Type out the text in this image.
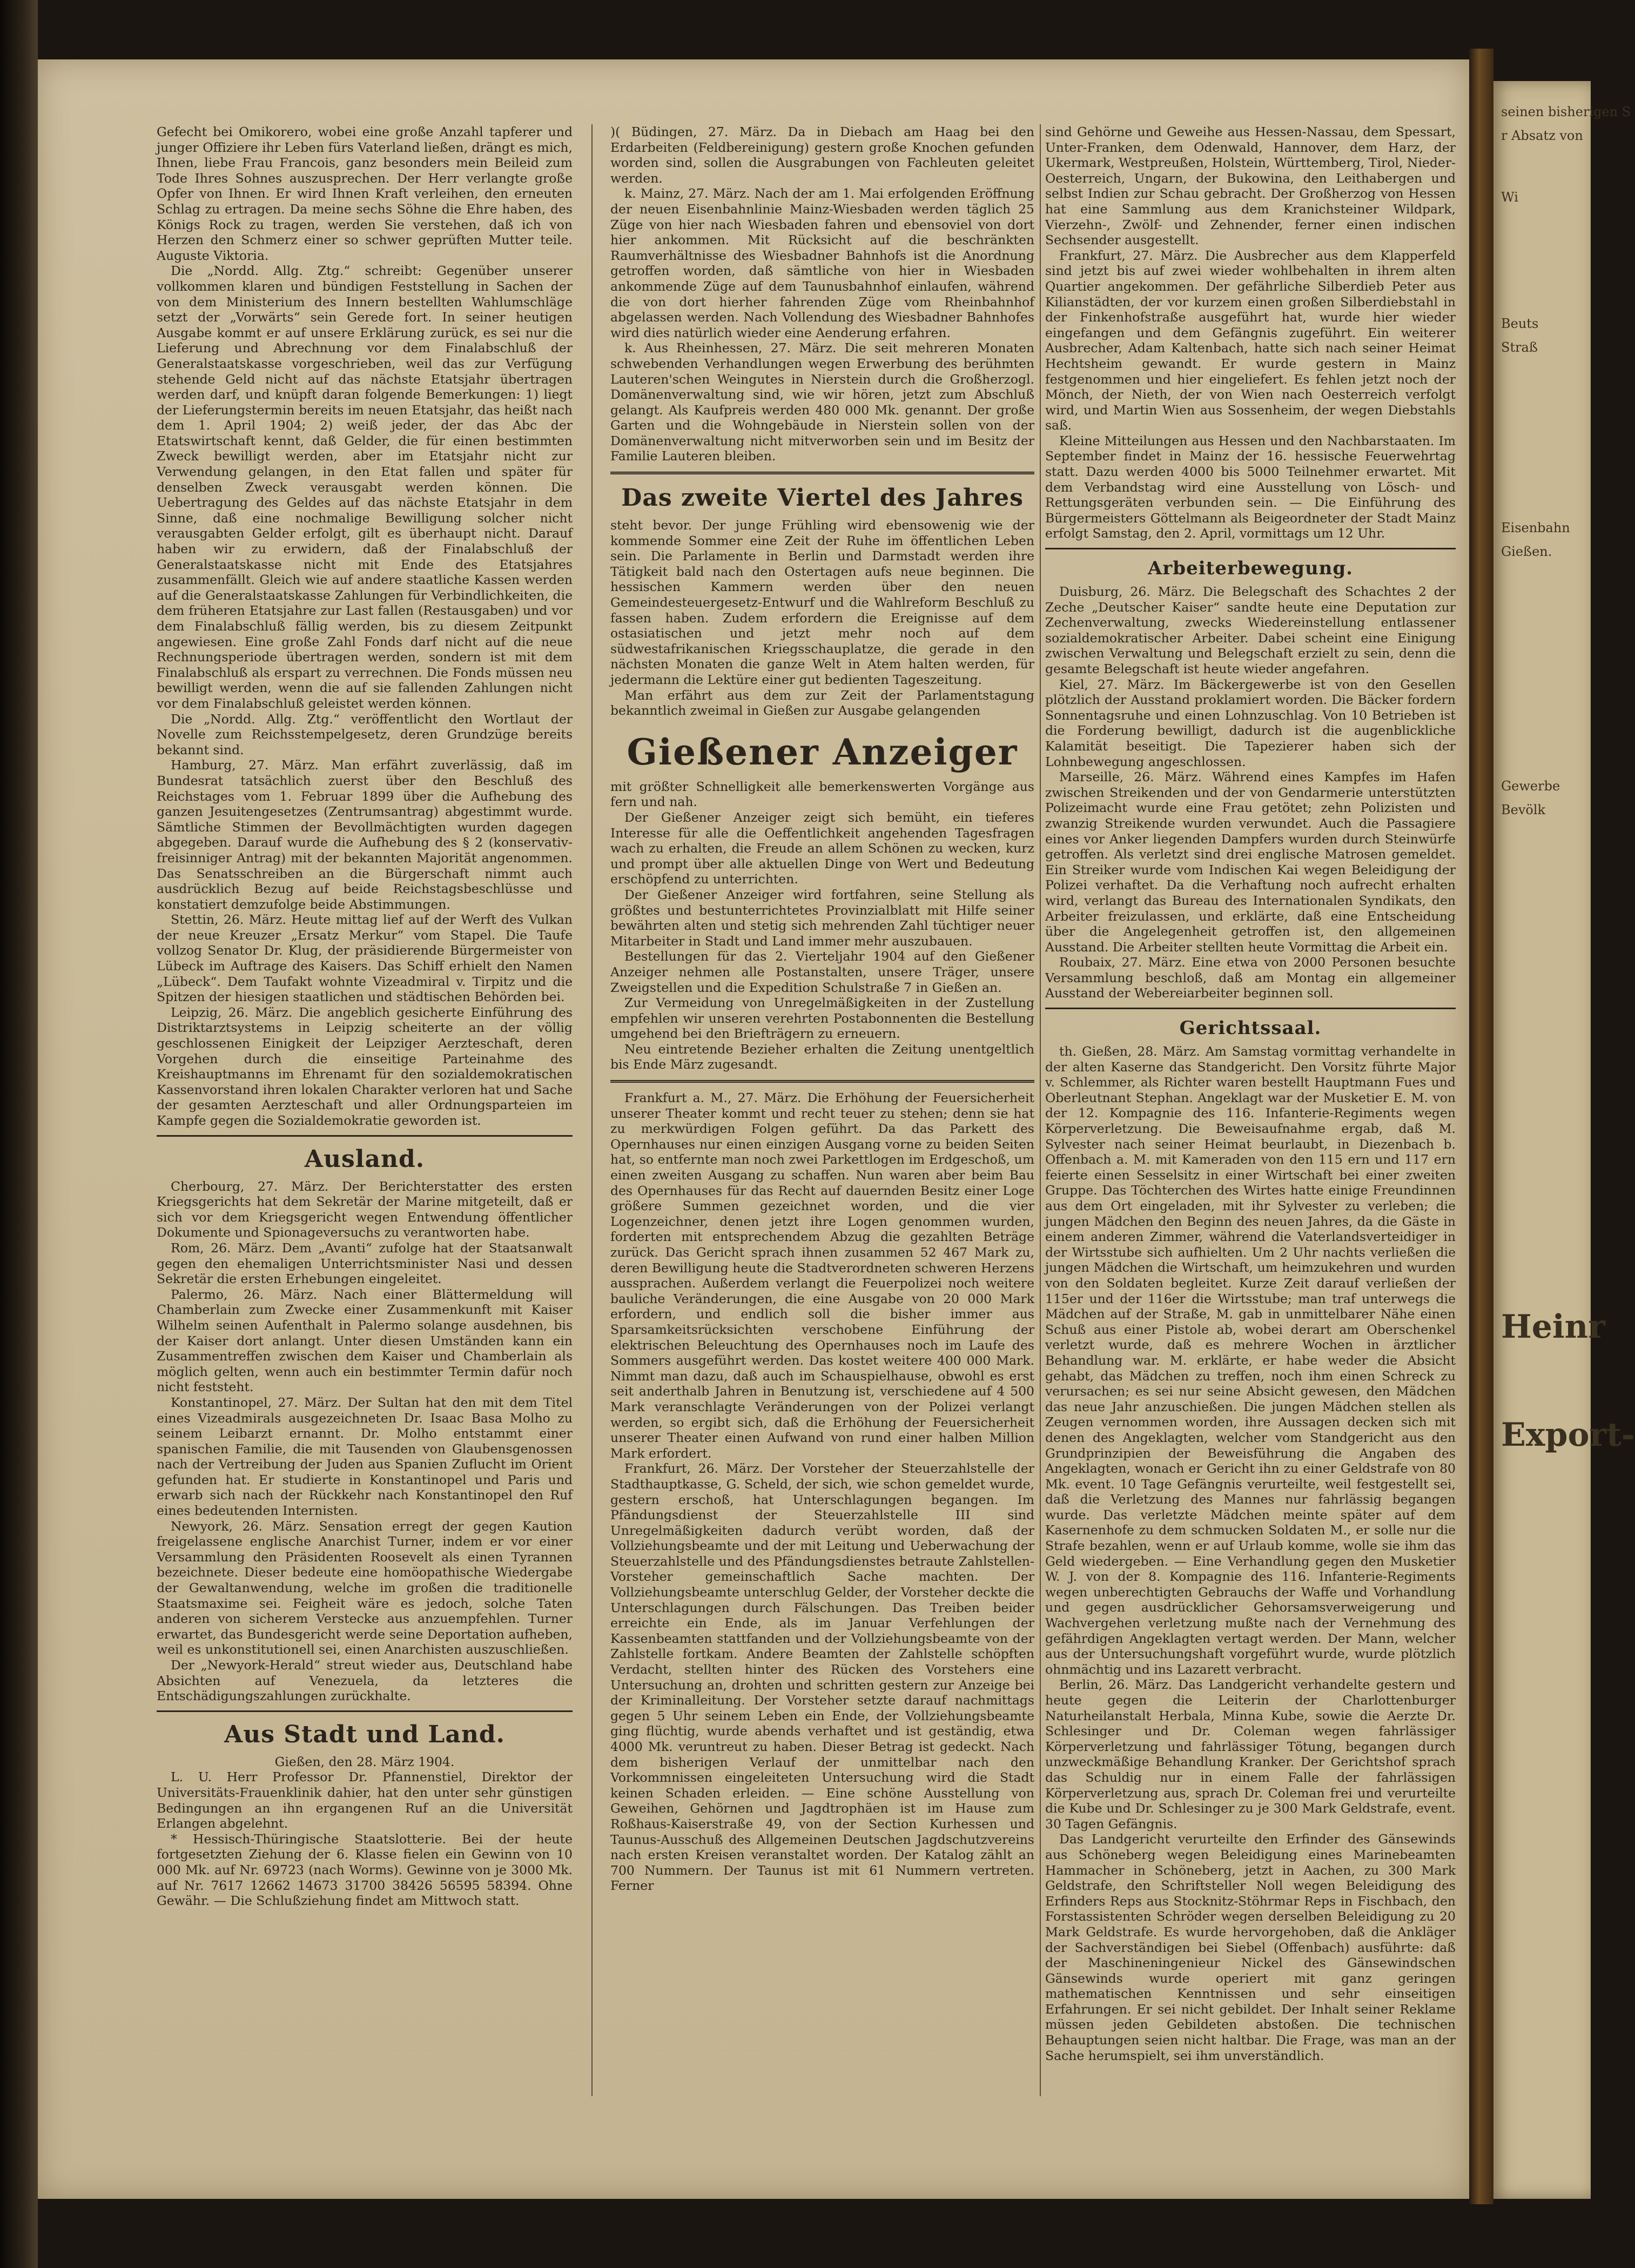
Gefecht bei Omikorero, wobei eine große Anzahl tapferer und junger Offiziere ihr Leben fürs Vaterland ließen, drängt es mich, Ihnen, liebe Frau Francois, ganz besonders mein Beileid zum Tode Ihres Sohnes auszusprechen. Der Herr verlangte große Opfer von Ihnen. Er wird Ihnen Kraft verleihen, den erneuten Schlag zu ertragen. Da meine sechs Söhne die Ehre haben, des Königs Rock zu tragen, werden Sie verstehen, daß ich von Herzen den Schmerz einer so schwer geprüften Mutter teile. Auguste Viktoria.

Die „Nordd. Allg. Ztg.“ schreibt: Gegenüber unserer vollkommen klaren und bündigen Feststellung in Sachen der von dem Ministerium des Innern bestellten Wahlumschläge setzt der „Vorwärts“ sein Gerede fort. In seiner heutigen Ausgabe kommt er auf unsere Erklärung zurück, es sei nur die Lieferung und Abrechnung vor dem Finalabschluß der Generalstaatskasse vorgeschrieben, weil das zur Verfügung stehende Geld nicht auf das nächste Etatsjahr übertragen werden darf, und knüpft daran folgende Bemerkungen: 1) liegt der Lieferungstermin bereits im neuen Etatsjahr, das heißt nach dem 1. April 1904; 2) weiß jeder, der das Abc der Etatswirtschaft kennt, daß Gelder, die für einen bestimmten Zweck bewilligt werden, aber im Etatsjahr nicht zur Verwendung gelangen, in den Etat fallen und später für denselben Zweck verausgabt werden können. Die Uebertragung des Geldes auf das nächste Etatsjahr in dem Sinne, daß eine nochmalige Bewilligung solcher nicht verausgabten Gelder erfolgt, gilt es überhaupt nicht. Darauf haben wir zu erwidern, daß der Finalabschluß der Generalstaatskasse nicht mit Ende des Etatsjahres zusammenfällt. Gleich wie auf andere staatliche Kassen werden auf die Generalstaatskasse Zahlungen für Verbindlichkeiten, die dem früheren Etatsjahre zur Last fallen (Restausgaben) und vor dem Finalabschluß fällig werden, bis zu diesem Zeitpunkt angewiesen. Eine große Zahl Fonds darf nicht auf die neue Rechnungsperiode übertragen werden, sondern ist mit dem Finalabschluß als erspart zu verrechnen. Die Fonds müssen neu bewilligt werden, wenn die auf sie fallenden Zahlungen nicht vor dem Finalabschluß geleistet werden können.

Die „Nordd. Allg. Ztg.“ veröffentlicht den Wortlaut der Novelle zum Reichsstempelgesetz, deren Grundzüge bereits bekannt sind.

Hamburg, 27. März. Man erfährt zuverlässig, daß im Bundesrat tatsächlich zuerst über den Beschluß des Reichstages vom 1. Februar 1899 über die Aufhebung des ganzen Jesuitengesetzes (Zentrumsantrag) abgestimmt wurde. Sämtliche Stimmen der Bevollmächtigten wurden dagegen abgegeben. Darauf wurde die Aufhebung des § 2 (konservativ-freisinniger Antrag) mit der bekannten Majorität angenommen. Das Senatsschreiben an die Bürgerschaft nimmt auch ausdrücklich Bezug auf beide Reichstagsbeschlüsse und konstatiert demzufolge beide Abstimmungen.

Stettin, 26. März. Heute mittag lief auf der Werft des Vulkan der neue Kreuzer „Ersatz Merkur“ vom Stapel. Die Taufe vollzog Senator Dr. Klug, der präsidierende Bürgermeister von Lübeck im Auftrage des Kaisers. Das Schiff erhielt den Namen „Lübeck“. Dem Taufakt wohnte Vizeadmiral v. Tirpitz und die Spitzen der hiesigen staatlichen und städtischen Behörden bei.

Leipzig, 26. März. Die angeblich gesicherte Einführung des Distriktarztsystems in Leipzig scheiterte an der völlig geschlossenen Einigkeit der Leipziger Aerzteschaft, deren Vorgehen durch die einseitige Parteinahme des Kreishauptmanns im Ehrenamt für den sozialdemokratischen Kassenvorstand ihren lokalen Charakter verloren hat und Sache der gesamten Aerzteschaft und aller Ordnungsparteien im Kampfe gegen die Sozialdemokratie geworden ist.

Ausland.

Cherbourg, 27. März. Der Berichterstatter des ersten Kriegsgerichts hat dem Sekretär der Marine mitgeteilt, daß er sich vor dem Kriegsgericht wegen Entwendung öffentlicher Dokumente und Spionageversuchs zu verantworten habe.

Rom, 26. März. Dem „Avanti“ zufolge hat der Staatsanwalt gegen den ehemaligen Unterrichtsminister Nasi und dessen Sekretär die ersten Erhebungen eingeleitet.

Palermo, 26. März. Nach einer Blättermeldung will Chamberlain zum Zwecke einer Zusammenkunft mit Kaiser Wilhelm seinen Aufenthalt in Palermo solange ausdehnen, bis der Kaiser dort anlangt. Unter diesen Umständen kann ein Zusammentreffen zwischen dem Kaiser und Chamberlain als möglich gelten, wenn auch ein bestimmter Termin dafür noch nicht feststeht.

Konstantinopel, 27. März. Der Sultan hat den mit dem Titel eines Vizeadmirals ausgezeichneten Dr. Isaac Basa Molho zu seinem Leibarzt ernannt. Dr. Molho entstammt einer spanischen Familie, die mit Tausenden von Glaubensgenossen nach der Vertreibung der Juden aus Spanien Zuflucht im Orient gefunden hat. Er studierte in Konstantinopel und Paris und erwarb sich nach der Rückkehr nach Konstantinopel den Ruf eines bedeutenden Internisten.

Newyork, 26. März. Sensation erregt der gegen Kaution freigelassene englische Anarchist Turner, indem er vor einer Versammlung den Präsidenten Roosevelt als einen Tyrannen bezeichnete. Dieser bedeute eine homöopathische Wiedergabe der Gewaltanwendung, welche im großen die traditionelle Staatsmaxime sei. Feigheit wäre es jedoch, solche Taten anderen von sicherem Verstecke aus anzuempfehlen. Turner erwartet, das Bundesgericht werde seine Deportation aufheben, weil es unkonstitutionell sei, einen Anarchisten auszuschließen.

Der „Newyork-Herald“ streut wieder aus, Deutschland habe Absichten auf Venezuela, da letzteres die Entschädigungszahlungen zurückhalte.

Aus Stadt und Land.

Gießen, den 28. März 1904.

L. U. Herr Professor Dr. Pfannenstiel, Direktor der Universitäts-Frauenklinik dahier, hat den unter sehr günstigen Bedingungen an ihn ergangenen Ruf an die Universität Erlangen abgelehnt.

* Hessisch-Thüringische Staatslotterie. Bei der heute fortgesetzten Ziehung der 6. Klasse fielen ein Gewinn von 10 000 Mk. auf Nr. 69723 (nach Worms). Gewinne von je 3000 Mk. auf Nr. 7617 12662 14673 31700 38426 56595 58394. Ohne Gewähr. — Die Schlußziehung findet am Mittwoch statt.

)( Büdingen, 27. März. Da in Diebach am Haag bei den Erdarbeiten (Feldbereinigung) gestern große Knochen gefunden worden sind, sollen die Ausgrabungen von Fachleuten geleitet werden.

k. Mainz, 27. März. Nach der am 1. Mai erfolgenden Eröffnung der neuen Eisenbahnlinie Mainz-Wiesbaden werden täglich 25 Züge von hier nach Wiesbaden fahren und ebensoviel von dort hier ankommen. Mit Rücksicht auf die beschränkten Raumverhältnisse des Wiesbadner Bahnhofs ist die Anordnung getroffen worden, daß sämtliche von hier in Wiesbaden ankommende Züge auf dem Taunusbahnhof einlaufen, während die von dort hierher fahrenden Züge vom Rheinbahnhof abgelassen werden. Nach Vollendung des Wiesbadner Bahnhofes wird dies natürlich wieder eine Aenderung erfahren.

k. Aus Rheinhessen, 27. März. Die seit mehreren Monaten schwebenden Verhandlungen wegen Erwerbung des berühmten Lauteren'schen Weingutes in Nierstein durch die Großherzogl. Domänenverwaltung sind, wie wir hören, jetzt zum Abschluß gelangt. Als Kaufpreis werden 480 000 Mk. genannt. Der große Garten und die Wohngebäude in Nierstein sollen von der Domänenverwaltung nicht mitverworben sein und im Besitz der Familie Lauteren bleiben.

Das zweite Viertel des Jahres

steht bevor. Der junge Frühling wird ebensowenig wie der kommende Sommer eine Zeit der Ruhe im öffentlichen Leben sein. Die Parlamente in Berlin und Darmstadt werden ihre Tätigkeit bald nach den Ostertagen aufs neue beginnen. Die hessischen Kammern werden über den neuen Gemeindesteuergesetz-Entwurf und die Wahlreform Beschluß zu fassen haben. Zudem erfordern die Ereignisse auf dem ostasiatischen und jetzt mehr noch auf dem südwestafrikanischen Kriegsschauplatze, die gerade in den nächsten Monaten die ganze Welt in Atem halten werden, für jedermann die Lektüre einer gut bedienten Tageszeitung.

Man erfährt aus dem zur Zeit der Parlamentstagung bekanntlich zweimal in Gießen zur Ausgabe gelangenden

Gießener Anzeiger

mit größter Schnelligkeit alle bemerkenswerten Vorgänge aus fern und nah.

Der Gießener Anzeiger zeigt sich bemüht, ein tieferes Interesse für alle die Oeffentlichkeit angehenden Tagesfragen wach zu erhalten, die Freude an allem Schönen zu wecken, kurz und prompt über alle aktuellen Dinge von Wert und Bedeutung erschöpfend zu unterrichten.

Der Gießener Anzeiger wird fortfahren, seine Stellung als größtes und bestunterrichtetes Provinzialblatt mit Hilfe seiner bewährten alten und stetig sich mehrenden Zahl tüchtiger neuer Mitarbeiter in Stadt und Land immer mehr auszubauen.

Bestellungen für das 2. Vierteljahr 1904 auf den Gießener Anzeiger nehmen alle Postanstalten, unsere Träger, unsere Zweigstellen und die Expedition Schulstraße 7 in Gießen an.

Zur Vermeidung von Unregelmäßigkeiten in der Zustellung empfehlen wir unseren verehrten Postabonnenten die Bestellung umgehend bei den Briefträgern zu erneuern.

Neu eintretende Bezieher erhalten die Zeitung unentgeltlich bis Ende März zugesandt.

Frankfurt a. M., 27. März. Die Erhöhung der Feuersicherheit unserer Theater kommt und recht teuer zu stehen; denn sie hat zu merkwürdigen Folgen geführt. Da das Parkett des Opernhauses nur einen einzigen Ausgang vorne zu beiden Seiten hat, so entfernte man noch zwei Parkettlogen im Erdgeschoß, um einen zweiten Ausgang zu schaffen. Nun waren aber beim Bau des Opernhauses für das Recht auf dauernden Besitz einer Loge größere Summen gezeichnet worden, und die vier Logenzeichner, denen jetzt ihre Logen genommen wurden, forderten mit entsprechendem Abzug die gezahlten Beträge zurück. Das Gericht sprach ihnen zusammen 52 467 Mark zu, deren Bewilligung heute die Stadtverordneten schweren Herzens aussprachen. Außerdem verlangt die Feuerpolizei noch weitere bauliche Veränderungen, die eine Ausgabe von 20 000 Mark erfordern, und endlich soll die bisher immer aus Sparsamkeitsrücksichten verschobene Einführung der elektrischen Beleuchtung des Opernhauses noch im Laufe des Sommers ausgeführt werden. Das kostet weitere 400 000 Mark. Nimmt man dazu, daß auch im Schauspielhause, obwohl es erst seit anderthalb Jahren in Benutzung ist, verschiedene auf 4 500 Mark veranschlagte Veränderungen von der Polizei verlangt werden, so ergibt sich, daß die Erhöhung der Feuersicherheit unserer Theater einen Aufwand von rund einer halben Million Mark erfordert.

Frankfurt, 26. März. Der Vorsteher der Steuerzahlstelle der Stadthauptkasse, G. Scheld, der sich, wie schon gemeldet wurde, gestern erschoß, hat Unterschlagungen begangen. Im Pfändungsdienst der Steuerzahlstelle III sind Unregelmäßigkeiten dadurch verübt worden, daß der Vollziehungsbeamte und der mit Leitung und Ueberwachung der Steuerzahlstelle und des Pfändungsdienstes betraute Zahlstellen-Vorsteher gemeinschaftlich Sache machten. Der Vollziehungsbeamte unterschlug Gelder, der Vorsteher deckte die Unterschlagungen durch Fälschungen. Das Treiben beider erreichte ein Ende, als im Januar Verfehlungen der Kassenbeamten stattfanden und der Vollziehungsbeamte von der Zahlstelle fortkam. Andere Beamten der Zahlstelle schöpften Verdacht, stellten hinter des Rücken des Vorstehers eine Untersuchung an, drohten und schritten gestern zur Anzeige bei der Kriminalleitung. Der Vorsteher setzte darauf nachmittags gegen 5 Uhr seinem Leben ein Ende, der Vollziehungsbeamte ging flüchtig, wurde abends verhaftet und ist geständig, etwa 4000 Mk. veruntreut zu haben. Dieser Betrag ist gedeckt. Nach dem bisherigen Verlauf der unmittelbar nach den Vorkommnissen eingeleiteten Untersuchung wird die Stadt keinen Schaden erleiden. — Eine schöne Ausstellung von Geweihen, Gehörnen und Jagdtrophäen ist im Hause zum Roßhaus-Kaiserstraße 49, von der Section Kurhessen und Taunus-Ausschuß des Allgemeinen Deutschen Jagdschutzvereins nach ersten Kreisen veranstaltet worden. Der Katalog zählt an 700 Nummern. Der Taunus ist mit 61 Nummern vertreten. Ferner

sind Gehörne und Geweihe aus Hessen-Nassau, dem Spessart, Unter-Franken, dem Odenwald, Hannover, dem Harz, der Ukermark, Westpreußen, Holstein, Württemberg, Tirol, Nieder-Oesterreich, Ungarn, der Bukowina, den Leithabergen und selbst Indien zur Schau gebracht. Der Großherzog von Hessen hat eine Sammlung aus dem Kranichsteiner Wildpark, Vierzehn-, Zwölf- und Zehnender, ferner einen indischen Sechsender ausgestellt.

Frankfurt, 27. März. Die Ausbrecher aus dem Klapperfeld sind jetzt bis auf zwei wieder wohlbehalten in ihrem alten Quartier angekommen. Der gefährliche Silberdieb Peter aus Kilianstädten, der vor kurzem einen großen Silberdiebstahl in der Finkenhofstraße ausgeführt hat, wurde hier wieder eingefangen und dem Gefängnis zugeführt. Ein weiterer Ausbrecher, Adam Kaltenbach, hatte sich nach seiner Heimat Hechtsheim gewandt. Er wurde gestern in Mainz festgenommen und hier eingeliefert. Es fehlen jetzt noch der Mönch, der Nieth, der von Wien nach Oesterreich verfolgt wird, und Martin Wien aus Sossenheim, der wegen Diebstahls saß.

Kleine Mitteilungen aus Hessen und den Nachbarstaaten. Im September findet in Mainz der 16. hessische Feuerwehrtag statt. Dazu werden 4000 bis 5000 Teilnehmer erwartet. Mit dem Verbandstag wird eine Ausstellung von Lösch- und Rettungsgeräten verbunden sein. — Die Einführung des Bürgermeisters Göttelmann als Beigeordneter der Stadt Mainz erfolgt Samstag, den 2. April, vormittags um 12 Uhr.

Arbeiterbewegung.

Duisburg, 26. März. Die Belegschaft des Schachtes 2 der Zeche „Deutscher Kaiser“ sandte heute eine Deputation zur Zechenverwaltung, zwecks Wiedereinstellung entlassener sozialdemokratischer Arbeiter. Dabei scheint eine Einigung zwischen Verwaltung und Belegschaft erzielt zu sein, denn die gesamte Belegschaft ist heute wieder angefahren.

Kiel, 27. März. Im Bäckergewerbe ist von den Gesellen plötzlich der Ausstand proklamiert worden. Die Bäcker fordern Sonnentagsruhe und einen Lohnzuschlag. Von 10 Betrieben ist die Forderung bewilligt, dadurch ist die augenblickliche Kalamität beseitigt. Die Tapezierer haben sich der Lohnbewegung angeschlossen.

Marseille, 26. März. Während eines Kampfes im Hafen zwischen Streikenden und der von Gendarmerie unterstützten Polizeimacht wurde eine Frau getötet; zehn Polizisten und zwanzig Streikende wurden verwundet. Auch die Passagiere eines vor Anker liegenden Dampfers wurden durch Steinwürfe getroffen. Als verletzt sind drei englische Matrosen gemeldet. Ein Streiker wurde vom Indischen Kai wegen Beleidigung der Polizei verhaftet. Da die Verhaftung noch aufrecht erhalten wird, verlangt das Bureau des Internationalen Syndikats, den Arbeiter freizulassen, und erklärte, daß eine Entscheidung über die Angelegenheit getroffen ist, den allgemeinen Ausstand. Die Arbeiter stellten heute Vormittag die Arbeit ein.

Roubaix, 27. März. Eine etwa von 2000 Personen besuchte Versammlung beschloß, daß am Montag ein allgemeiner Ausstand der Webereiarbeiter beginnen soll.

Gerichtssaal.

th. Gießen, 28. März. Am Samstag vormittag verhandelte in der alten Kaserne das Standgericht. Den Vorsitz führte Major v. Schlemmer, als Richter waren bestellt Hauptmann Fues und Oberleutnant Stephan. Angeklagt war der Musketier E. M. von der 12. Kompagnie des 116. Infanterie-Regiments wegen Körperverletzung. Die Beweisaufnahme ergab, daß M. Sylvester nach seiner Heimat beurlaubt, in Diezenbach b. Offenbach a. M. mit Kameraden von den 115 ern und 117 ern feierte einen Sesselsitz in einer Wirtschaft bei einer zweiten Gruppe. Das Töchterchen des Wirtes hatte einige Freundinnen aus dem Ort eingeladen, mit ihr Sylvester zu verleben; die jungen Mädchen den Beginn des neuen Jahres, da die Gäste in einem anderen Zimmer, während die Vaterlandsverteidiger in der Wirtsstube sich aufhielten. Um 2 Uhr nachts verließen die jungen Mädchen die Wirtschaft, um heimzukehren und wurden von den Soldaten begleitet. Kurze Zeit darauf verließen der 115er und der 116er die Wirtsstube; man traf unterwegs die Mädchen auf der Straße, M. gab in unmittelbarer Nähe einen Schuß aus einer Pistole ab, wobei derart am Oberschenkel verletzt wurde, daß es mehrere Wochen in ärztlicher Behandlung war. M. erklärte, er habe weder die Absicht gehabt, das Mädchen zu treffen, noch ihm einen Schreck zu verursachen; es sei nur seine Absicht gewesen, den Mädchen das neue Jahr anzuschießen. Die jungen Mädchen stellen als Zeugen vernommen worden, ihre Aussagen decken sich mit denen des Angeklagten, welcher vom Standgericht aus den Grundprinzipien der Beweisführung die Angaben des Angeklagten, wonach er Gericht ihn zu einer Geldstrafe von 80 Mk. event. 10 Tage Gefängnis verurteilte, weil festgestellt sei, daß die Verletzung des Mannes nur fahrlässig begangen wurde. Das verletzte Mädchen meinte später auf dem Kasernenhofe zu dem schmucken Soldaten M., er solle nur die Strafe bezahlen, wenn er auf Urlaub komme, wolle sie ihm das Geld wiedergeben. — Eine Verhandlung gegen den Musketier W. J. von der 8. Kompagnie des 116. Infanterie-Regiments wegen unberechtigten Gebrauchs der Waffe und Vorhandlung und gegen ausdrücklicher Gehorsamsverweigerung und Wachvergehen verletzung mußte nach der Vernehmung des gefährdigen Angeklagten vertagt werden. Der Mann, welcher aus der Untersuchungshaft vorgeführt wurde, wurde plötzlich ohnmächtig und ins Lazarett verbracht.

Berlin, 26. März. Das Landgericht verhandelte gestern und heute gegen die Leiterin der Charlottenburger Naturheilanstalt Herbala, Minna Kube, sowie die Aerzte Dr. Schlesinger und Dr. Coleman wegen fahrlässiger Körperverletzung und fahrlässiger Tötung, begangen durch unzweckmäßige Behandlung Kranker. Der Gerichtshof sprach das Schuldig nur in einem Falle der fahrlässigen Körperverletzung aus, sprach Dr. Coleman frei und verurteilte die Kube und Dr. Schlesinger zu je 300 Mark Geldstrafe, event. 30 Tagen Gefängnis.

Das Landgericht verurteilte den Erfinder des Gänsewinds aus Schöneberg wegen Beleidigung eines Marinebeamten Hammacher in Schöneberg, jetzt in Aachen, zu 300 Mark Geldstrafe, den Schriftsteller Noll wegen Beleidigung des Erfinders Reps aus Stocknitz-Stöhrmar Reps in Fischbach, den Forstassistenten Schröder wegen derselben Beleidigung zu 20 Mark Geldstrafe. Es wurde hervorgehoben, daß die Ankläger der Sachverständigen bei Siebel (Offenbach) ausführte: daß der Maschineningenieur Nickel des Gänsewindschen Gänsewinds wurde operiert mit ganz geringen mathematischen Kenntnissen und sehr einseitigen Erfahrungen. Er sei nicht gebildet. Der Inhalt seiner Reklame müssen jeden Gebildeten abstoßen. Die technischen Behauptungen seien nicht haltbar. Die Frage, was man an der Sache herumspielt, sei ihm unverständlich.

seinen bisherigen S

r Absatz von

Wi

Beuts

Straß

Eisenbahn

Gießen.

Gewerbe

Bevölk

Heinr

Export-
